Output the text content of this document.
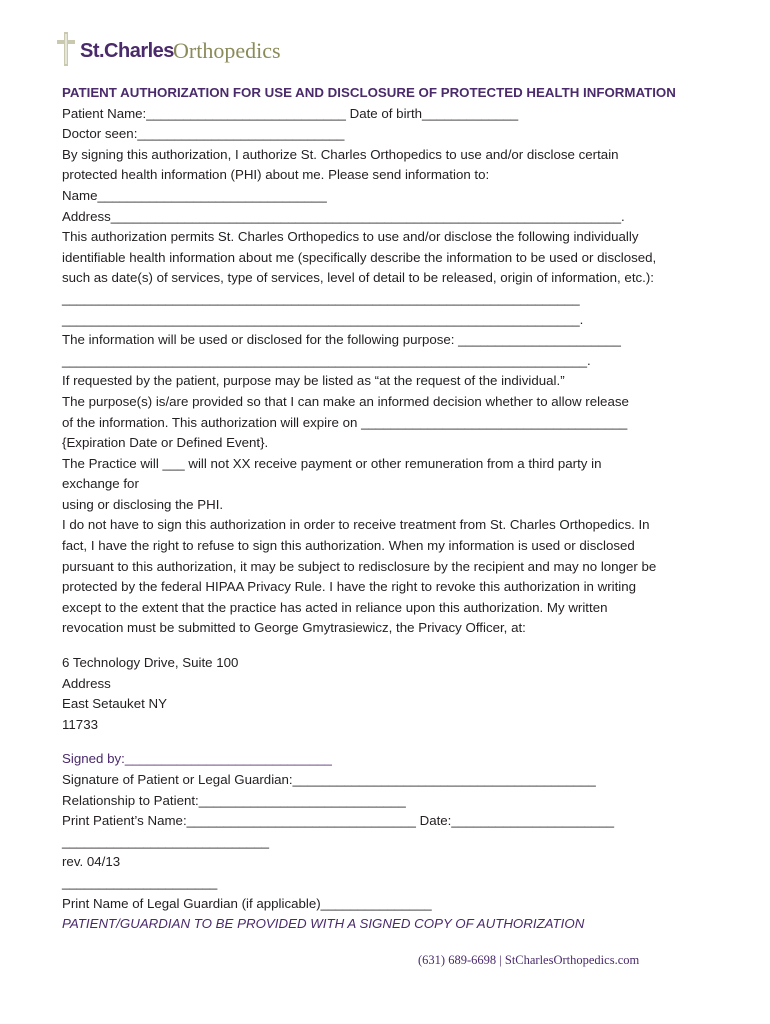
St.Charles Orthopedics
PATIENT AUTHORIZATION FOR USE AND DISCLOSURE OF PROTECTED HEALTH INFORMATION
Patient Name:___________________________ Date of birth_____________
Doctor seen:____________________________
By signing this authorization, I authorize St. Charles Orthopedics to use and/or disclose certain
protected health information (PHI) about me. Please send information to:
Name_______________________________
Address_____________________________________________________________________.
This authorization permits St. Charles Orthopedics to use and/or disclose the following individually
identifiable health information about me (specifically describe the information to be used or disclosed,
such as date(s) of services, type of services, level of detail to be released, origin of information, etc.):
______________________________________________________________________
______________________________________________________________________.
The information will be used or disclosed for the following purpose: ______________________
_______________________________________________________________________.
If requested by the patient, purpose may be listed as “at the request of the individual.”
The purpose(s) is/are provided so that I can make an informed decision whether to allow release
of the information. This authorization will expire on ____________________________________
{Expiration Date or Defined Event}.
The Practice will ___ will not XX receive payment or other remuneration from a third party in
exchange for
using or disclosing the PHI.
I do not have to sign this authorization in order to receive treatment from St. Charles Orthopedics. In
fact, I have the right to refuse to sign this authorization. When my information is used or disclosed
pursuant to this authorization, it may be subject to redisclosure by the recipient and may no longer be
protected by the federal HIPAA Privacy Rule. I have the right to revoke this authorization in writing
except to the extent that the practice has acted in reliance upon this authorization. My written
revocation must be submitted to George Gmytrasiewicz, the Privacy Officer, at:
6 Technology Drive, Suite 100
Address
East Setauket NY
11733
Signed by:____________________________
Signature of Patient or Legal Guardian:_________________________________________
Relationship to Patient:____________________________
Print Patient’s Name:_______________________________ Date:______________________
____________________________
rev. 04/13
_____________________
Print Name of Legal Guardian (if applicable)_______________
PATIENT/GUARDIAN TO BE PROVIDED WITH A SIGNED COPY OF AUTHORIZATION
(631) 689-6698 | StCharlesOrthopedics.com
